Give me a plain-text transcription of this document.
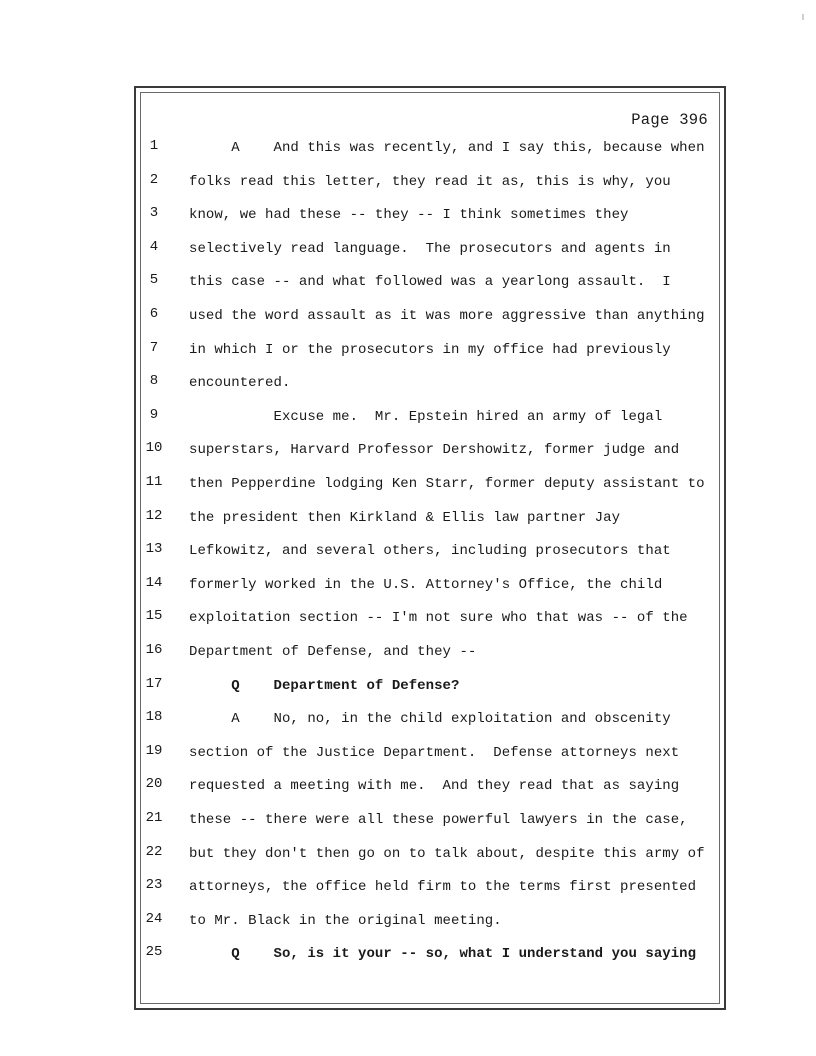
Page 396
1	A    And this was recently, and I say this, because when
2	folks read this letter, they read it as, this is why, you
3	know, we had these -- they -- I think sometimes they
4	selectively read language.  The prosecutors and agents in
5	this case -- and what followed was a yearlong assault.  I
6	used the word assault as it was more aggressive than anything
7	in which I or the prosecutors in my office had previously
8	encountered.
9	Excuse me.  Mr. Epstein hired an army of legal
10	superstars, Harvard Professor Dershowitz, former judge and
11	then Pepperdine lodging Ken Starr, former deputy assistant to
12	the president then Kirkland & Ellis law partner Jay
13	Lefkowitz, and several others, including prosecutors that
14	formerly worked in the U.S. Attorney's Office, the child
15	exploitation section -- I'm not sure who that was -- of the
16	Department of Defense, and they --
17	Q    Department of Defense?
18	A    No, no, in the child exploitation and obscenity
19	section of the Justice Department.  Defense attorneys next
20	requested a meeting with me.  And they read that as saying
21	these -- there were all these powerful lawyers in the case,
22	but they don't then go on to talk about, despite this army of
23	attorneys, the office held firm to the terms first presented
24	to Mr. Black in the original meeting.
25	Q    So, is it your -- so, what I understand you saying
